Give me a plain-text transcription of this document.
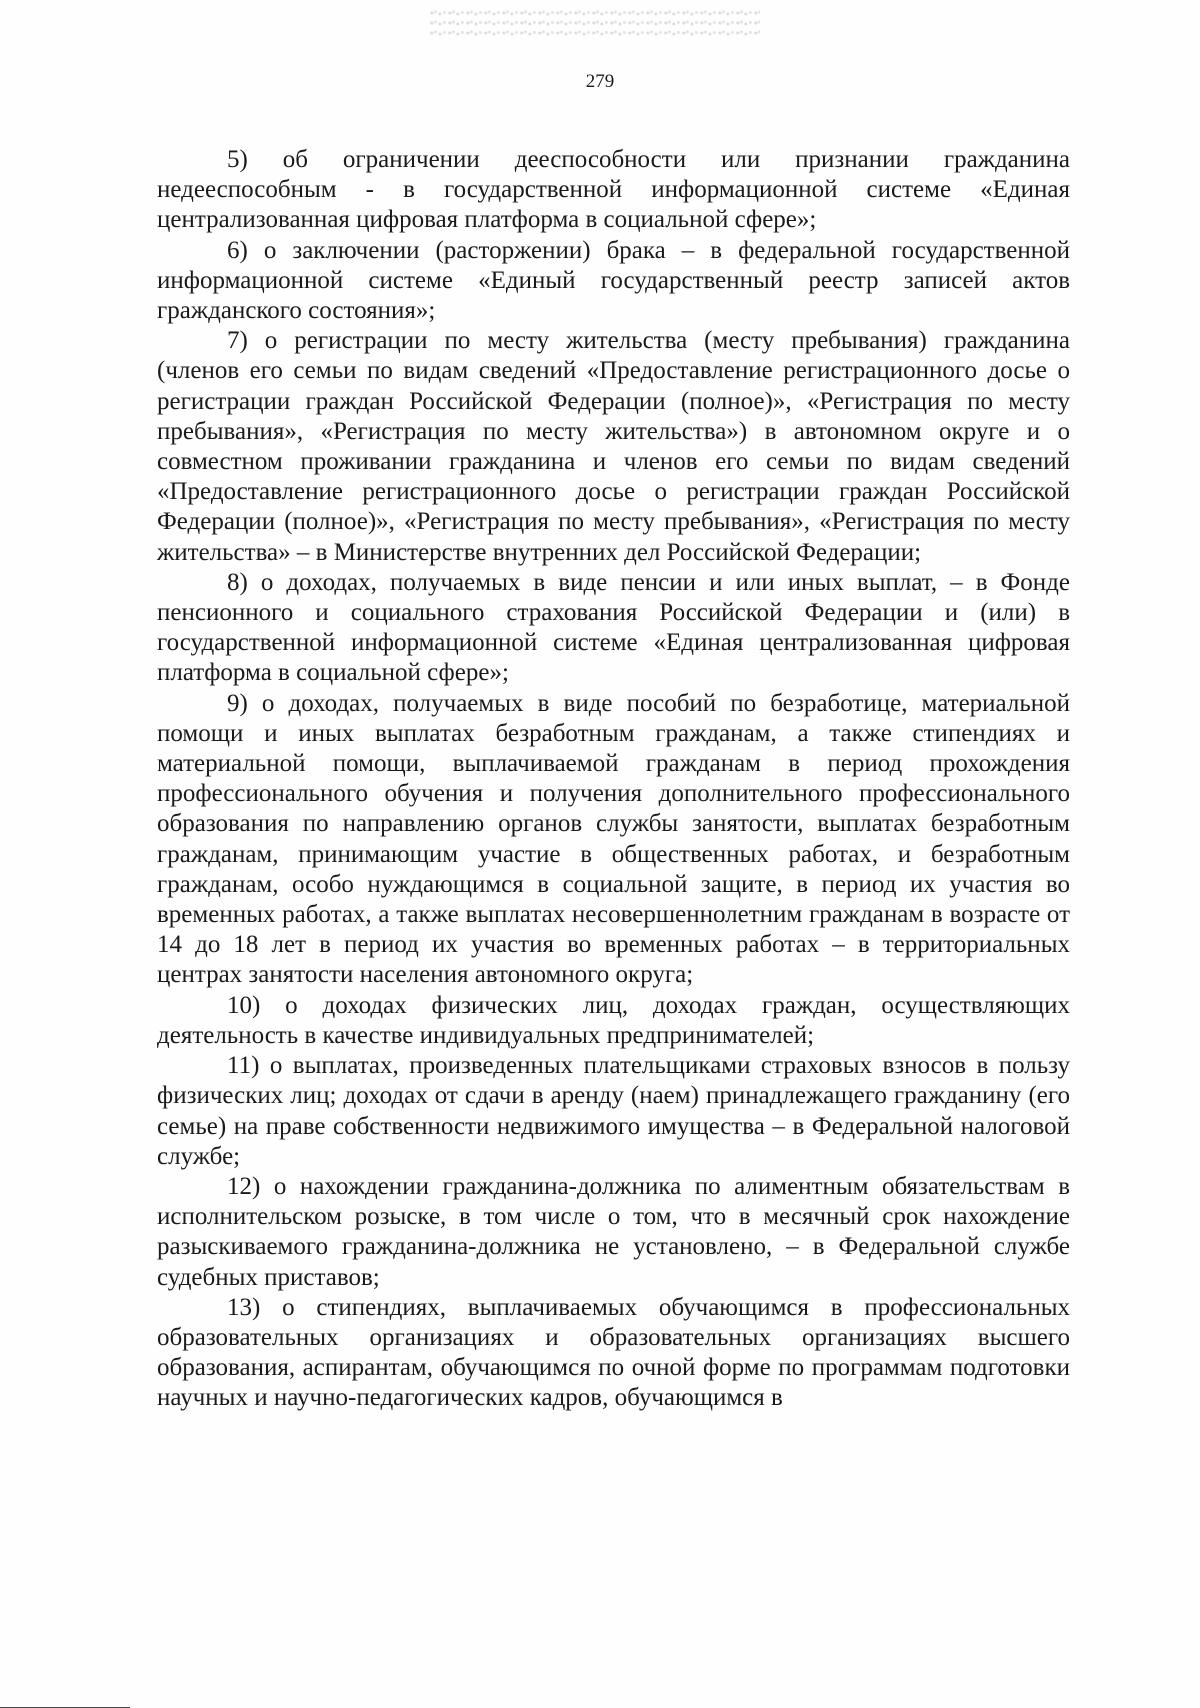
279

5) об ограничении дееспособности или признании гражданина недееспособным - в государственной информационной системе «Единая централизованная цифровая платформа в социальной сфере»;

6) о заключении (расторжении) брака – в федеральной государственной информационной системе «Единый государственный реестр записей актов гражданского состояния»;

7) о регистрации по месту жительства (месту пребывания) гражданина (членов его семьи по видам сведений «Предоставление регистрационного досье о регистрации граждан Российской Федерации (полное)», «Регистрация по месту пребывания», «Регистрация по месту жительства») в автономном округе и о совместном проживании гражданина и членов его семьи по видам сведений «Предоставление регистрационного досье о регистрации граждан Российской Федерации (полное)», «Регистрация по месту пребывания», «Регистрация по месту жительства» – в Министерстве внутренних дел Российской Федерации;

8) о доходах, получаемых в виде пенсии и или иных выплат, – в Фонде пенсионного и социального страхования Российской Федерации и (или) в государственной информационной системе «Единая централизованная цифровая платформа в социальной сфере»;

9) о доходах, получаемых в виде пособий по безработице, материальной помощи и иных выплатах безработным гражданам, а также стипендиях и материальной помощи, выплачиваемой гражданам в период прохождения профессионального обучения и получения дополнительного профессионального образования по направлению органов службы занятости, выплатах безработным гражданам, принимающим участие в общественных работах, и безработным гражданам, особо нуждающимся в социальной защите, в период их участия во временных работах, а также выплатах несовершеннолетним гражданам в возрасте от 14 до 18 лет в период их участия во временных работах – в территориальных центрах занятости населения автономного округа;

10) о доходах физических лиц, доходах граждан, осуществляющих деятельность в качестве индивидуальных предпринимателей;

11) о выплатах, произведенных плательщиками страховых взносов в пользу физических лиц; доходах от сдачи в аренду (наем) принадлежащего гражданину (его семье) на праве собственности недвижимого имущества – в Федеральной налоговой службе;

12) о нахождении гражданина-должника по алиментным обязательствам в исполнительском розыске, в том числе о том, что в месячный срок нахождение разыскиваемого гражданина-должника не установлено, – в Федеральной службе судебных приставов;

13) о стипендиях, выплачиваемых обучающимся в профессиональных образовательных организациях и образовательных организациях высшего образования, аспирантам, обучающимся по очной форме по программам подготовки научных и научно-педагогических кадров, обучающимся в
